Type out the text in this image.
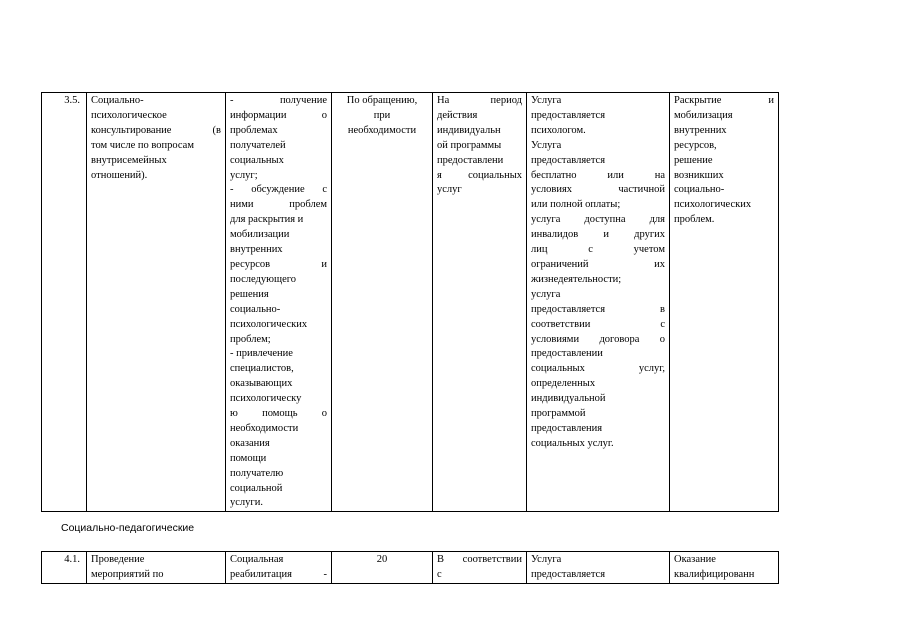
3.5.	Социально-
психологическое
консультирование	(в
том числе по вопросам
внутрисемейных
отношений).

-	получение
информации	о
проблемах
получателей
социальных
услуг;
- обсуждение с
ними	проблем
для раскрытия и
мобилизации
внутренних
ресурсов	и
последующего
решения
социально-
психологических
проблем;
- привлечение
специалистов,
оказывающих
психологическу
ю помощь о
необходимости
оказания
помощи
получателю
социальной
услуги.

По обращению,
при
необходимости

На	период
действия
индивидуальн
ой программы
предоставлени
я	социальных
услуг

Услуга
предоставляется
психологом.
Услуга
предоставляется
бесплатно	или	на
условиях	частичной
или полной оплаты;
услуга доступна для
инвалидов и других
лиц	с	учетом
ограничений	их
жизнедеятельности;
услуга
предоставляется	в
соответствии	с
условиями договора о
предоставлении
социальных	услуг,
определенных
индивидуальной
программой
предоставления
социальных услуг.

Раскрытие	и
мобилизация
внутренних
ресурсов,
решение
возникших
социально-
психологических
проблем.
Социально-педагогические
4.1.	Проведение
мероприятий по

Социальная
реабилитация	-

20	В соответствии
с

Услуга
предоставляется

Оказание
квалифицированн
